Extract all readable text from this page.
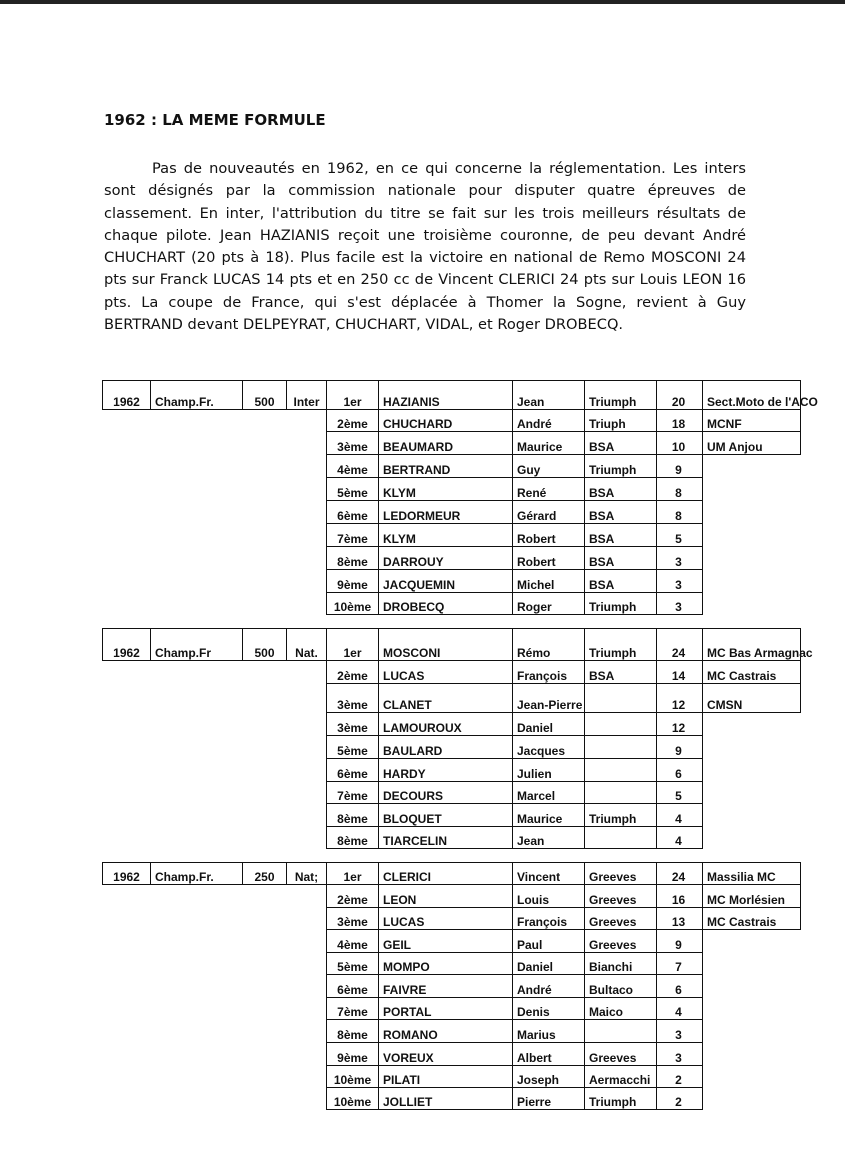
1962 : LA MEME FORMULE

Pas de nouveautés en 1962, en ce qui concerne la réglementation. Les inters sont désignés par la commission nationale pour disputer quatre épreuves de classement. En inter, l'attribution du titre se fait sur les trois meilleurs résultats de chaque pilote. Jean HAZIANIS reçoit une troisième couronne, de peu devant André CHUCHART (20 pts à 18). Plus facile est la victoire en national de Remo MOSCONI 24 pts sur Franck LUCAS 14 pts et en 250 cc de Vincent CLERICI 24 pts sur Louis LEON 16 pts. La coupe de France, qui s'est déplacée à Thomer la Sogne, revient à Guy BERTRAND devant DELPEYRAT, CHUCHART, VIDAL, et Roger DROBECQ.

1962	Champ.Fr.	500	Inter	1er	HAZIANIS	Jean	Triumph	20	Sect.Moto de l'ACO
				2ème	CHUCHARD	André	Triuph	18	MCNF
				3ème	BEAUMARD	Maurice	BSA	10	UM Anjou
				4ème	BERTRAND	Guy	Triumph	9	
				5ème	KLYM	René	BSA	8	
				6ème	LEDORMEUR	Gérard	BSA	8	
				7ème	KLYM	Robert	BSA	5	
				8ème	DARROUY	Robert	BSA	3	
				9ème	JACQUEMIN	Michel	BSA	3	
				10ème	DROBECQ	Roger	Triumph	3	
1962	Champ.Fr	500	Nat.	1er	MOSCONI	Rémo	Triumph	24	MC Bas Armagnac
				2ème	LUCAS	François	BSA	14	MC Castrais
				3ème	CLANET	Jean-Pierre		12	CMSN
				3ème	LAMOUROUX	Daniel		12	
				5ème	BAULARD	Jacques		9	
				6ème	HARDY	Julien		6	
				7ème	DECOURS	Marcel		5	
				8ème	BLOQUET	Maurice	Triumph	4	
				8ème	TIARCELIN	Jean		4	
1962	Champ.Fr.	250	Nat;	1er	CLERICI	Vincent	Greeves	24	Massilia MC
				2ème	LEON	Louis	Greeves	16	MC Morlésien
				3ème	LUCAS	François	Greeves	13	MC Castrais
				4ème	GEIL	Paul	Greeves	9	
				5ème	MOMPO	Daniel	Bianchi	7	
				6ème	FAIVRE	André	Bultaco	6	
				7ème	PORTAL	Denis	Maico	4	
				8ème	ROMANO	Marius		3	
				9ème	VOREUX	Albert	Greeves	3	
				10ème	PILATI	Joseph	Aermacchi	2	
				10ème	JOLLIET	Pierre	Triumph	2	
